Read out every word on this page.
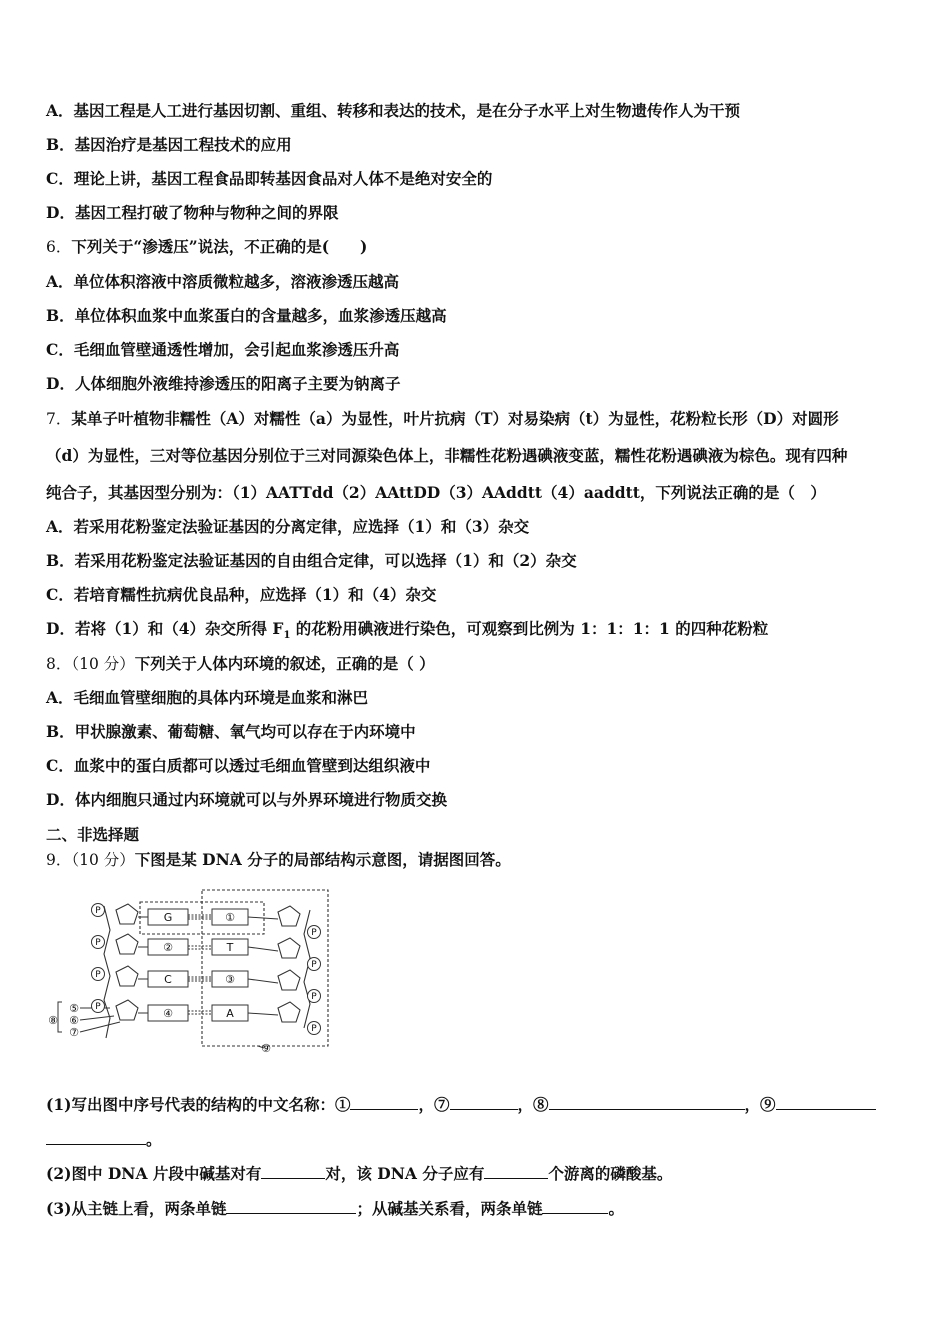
A．基因工程是人工进行基因切割、重组、转移和表达的技术，是在分子水平上对生物遗传作人为干预
B．基因治疗是基因工程技术的应用
C．理论上讲，基因工程食品即转基因食品对人体不是绝对安全的
D．基因工程打破了物种与物种之间的界限
6．下列关于“渗透压”说法，不正确的是(　　)
A．单位体积溶液中溶质微粒越多，溶液渗透压越高
B．单位体积血浆中血浆蛋白的含量越多，血浆渗透压越高
C．毛细血管壁通透性增加，会引起血浆渗透压升高
D．人体细胞外液维持渗透压的阳离子主要为钠离子
7．某单子叶植物非糯性（A）对糯性（a）为显性，叶片抗病（T）对易染病（t）为显性，花粉粒长形（D）对圆形
（d）为显性，三对等位基因分别位于三对同源染色体上，非糯性花粉遇碘液变蓝，糯性花粉遇碘液为棕色。现有四种
纯合子，其基因型分别为：（1）AATTdd（2）AAttDD（3）AAddtt（4）aaddtt，下列说法正确的是（　）
A．若采用花粉鉴定法验证基因的分离定律，应选择（1）和（3）杂交
B．若采用花粉鉴定法验证基因的自由组合定律，可以选择（1）和（2）杂交
C．若培育糯性抗病优良品种，应选择（1）和（4）杂交
D．若将（1）和（4）杂交所得 $F_1$ 的花粉用碘液进行染色，可观察到比例为 1：1：1：1 的四种花粉粒
8．（10 分）下列关于人体内环境的叙述，正确的是（ ）
A．毛细血管壁细胞的具体内环境是血浆和淋巴
B．甲状腺激素、葡萄糖、氧气均可以存在于内环境中
C．血浆中的蛋白质都可以透过毛细血管壁到达组织液中
D．体内细胞只通过内环境就可以与外界环境进行物质交换
二、非选择题
9．（10 分）下图是某 DNA 分子的局部结构示意图，请据图回答。
P
P
P
P
P
P
P
P
G
②
C
④
①
T
③
A
⑤
⑥
⑦
⑧
⑨
(1)写出图中序号代表的结构的中文名称：①	，⑦	，⑧	，⑨
。
(2)图中 DNA 片段中碱基对有	对，该 DNA 分子应有	个游离的磷酸基。
(3)从主链上看，两条单链	；从碱基关系看，两条单链	。
